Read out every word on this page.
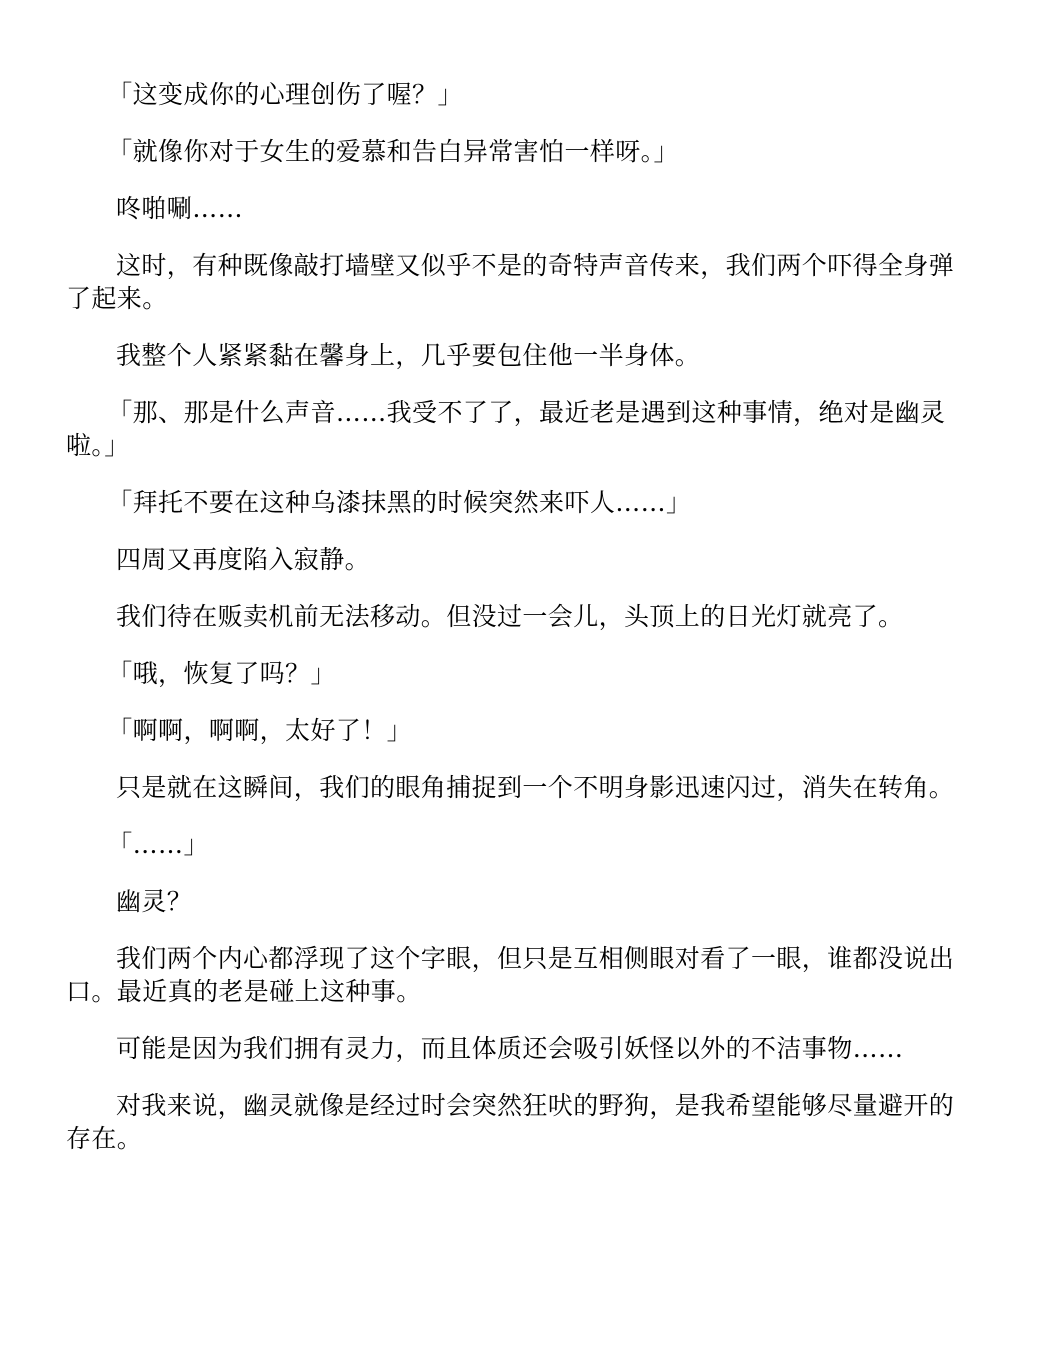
「这变成你的心理创伤了喔？」

「就像你对于女生的爱慕和告白异常害怕一样呀。」

咚啪唰……

这时，有种既像敲打墙壁又似乎不是的奇特声音传来，我们两个吓得全身弹了起来。

我整个人紧紧黏在馨身上，几乎要包住他一半身体。

「那、那是什么声音……我受不了了，最近老是遇到这种事情，绝对是幽灵啦。」

「拜托不要在这种乌漆抹黑的时候突然来吓人……」

四周又再度陷入寂静。

我们待在贩卖机前无法移动。但没过一会儿，头顶上的日光灯就亮了。

「哦，恢复了吗？」

「啊啊，啊啊，太好了！」

只是就在这瞬间，我们的眼角捕捉到一个不明身影迅速闪过，消失在转角。

「……」

幽灵？

我们两个内心都浮现了这个字眼，但只是互相侧眼对看了一眼，谁都没说出口。最近真的老是碰上这种事。

可能是因为我们拥有灵力，而且体质还会吸引妖怪以外的不洁事物……

对我来说，幽灵就像是经过时会突然狂吠的野狗，是我希望能够尽量避开的存在。
